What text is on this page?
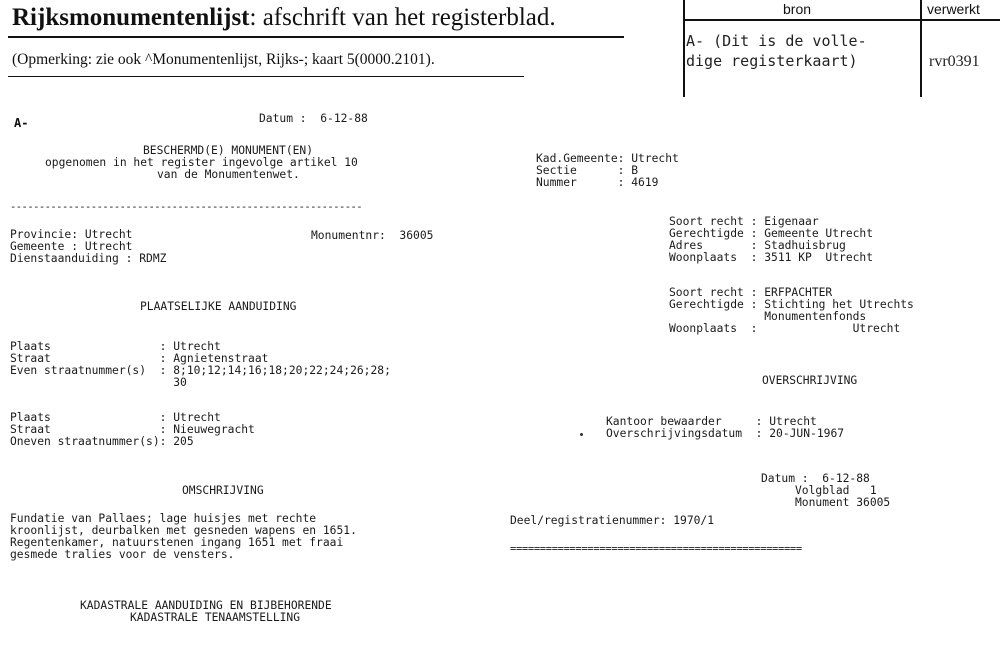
Rijksmonumentenlijst: afschrift van het registerblad.
(Opmerking: zie ook ^Monumentenlijst, Rijks-; kaart 5(0000.2101).
bron	verwerkt
A- (Dit is de volle-
dige registerkaart)	rvr0391
A-	Datum :  6-12-88
BESCHERMD(E) MONUMENT(EN)
opgenomen in het register ingevolge artikel 10
van de Monumentenwet.
-------------------------------------------------------------
Provincie: Utrecht	Monumentnr:  36005
Gemeente : Utrecht
Dienstaanduiding : RDMZ
PLAATSELIJKE AANDUIDING
Plaats                : Utrecht
Straat                : Agnietenstraat
Even straatnummer(s)  : 8;10;12;14;16;18;20;22;24;26;28;
30
Plaats                : Utrecht
Straat                : Nieuwegracht
Oneven straatnummer(s): 205
OMSCHRIJVING
Fundatie van Pallaes; lage huisjes met rechte
kroonlijst, deurbalken met gesneden wapens en 1651.
Regentenkamer, natuurstenen ingang 1651 met fraai
gesmede tralies voor de vensters.
KADASTRALE AANDUIDING EN BIJBEHORENDE
KADASTRALE TENAAMSTELLING
Kad.Gemeente: Utrecht
Sectie      : B
Nummer      : 4619
Soort recht : Eigenaar
Gerechtigde : Gemeente Utrecht
Adres       : Stadhuisbrug
Woonplaats  : 3511 KP  Utrecht
Soort recht : ERFPACHTER
Gerechtigde : Stichting het Utrechts
Monumentenfonds
Woonplaats  :              Utrecht
OVERSCHRIJVING
Kantoor bewaarder     : Utrecht
Overschrijvingsdatum  : 20-JUN-1967
Datum :  6-12-88
Volgblad   1
Monument 36005
Deel/registratienummer: 1970/1
=================================================
